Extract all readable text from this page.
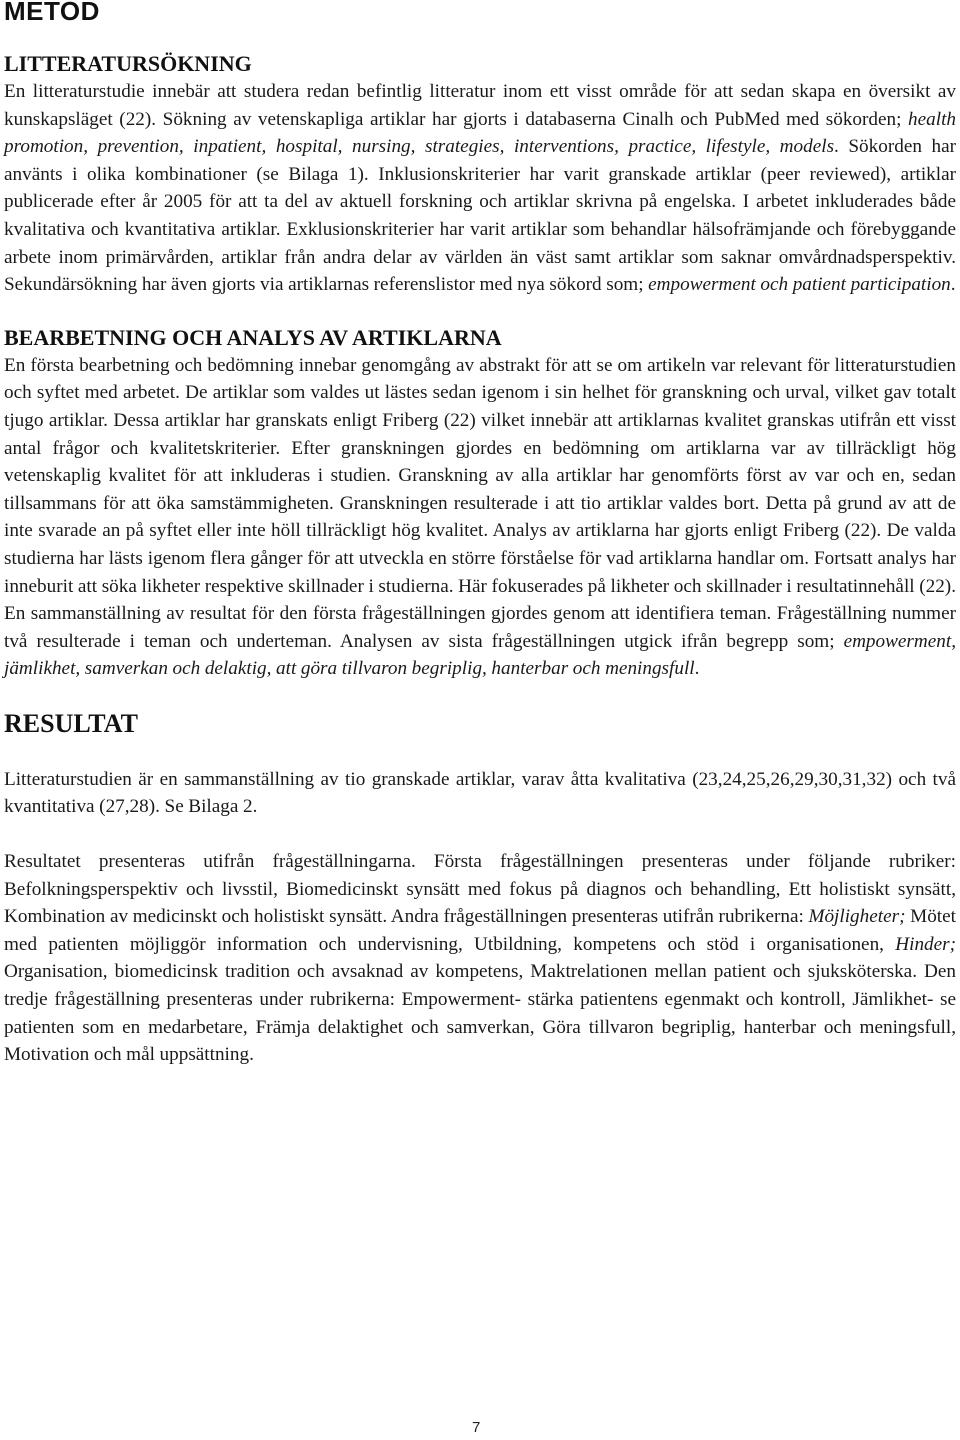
METOD
LITTERATURSÖKNING

En litteraturstudie innebär att studera redan befintlig litteratur inom ett visst område för att sedan skapa en översikt av kunskapsläget (22). Sökning av vetenskapliga artiklar har gjorts i databaserna Cinalh och PubMed med sökorden; health promotion, prevention, inpatient, hospital, nursing, strategies, interventions, practice, lifestyle, models. Sökorden har använts i olika kombinationer (se Bilaga 1). Inklusionskriterier har varit granskade artiklar (peer reviewed), artiklar publicerade efter år 2005 för att ta del av aktuell forskning och artiklar skrivna på engelska. I arbetet inkluderades både kvalitativa och kvantitativa artiklar. Exklusionskriterier har varit artiklar som behandlar hälsofrämjande och förebyggande arbete inom primärvården, artiklar från andra delar av världen än väst samt artiklar som saknar omvårdnadsperspektiv. Sekundärsökning har även gjorts via artiklarnas referenslistor med nya sökord som; empowerment och patient participation.

BEARBETNING OCH ANALYS AV ARTIKLARNA

En första bearbetning och bedömning innebar genomgång av abstrakt för att se om artikeln var relevant för litteraturstudien och syftet med arbetet. De artiklar som valdes ut lästes sedan igenom i sin helhet för granskning och urval, vilket gav totalt tjugo artiklar. Dessa artiklar har granskats enligt Friberg (22) vilket innebär att artiklarnas kvalitet granskas utifrån ett visst antal frågor och kvalitetskriterier. Efter granskningen gjordes en bedömning om artiklarna var av tillräckligt hög vetenskaplig kvalitet för att inkluderas i studien. Granskning av alla artiklar har genomförts först av var och en, sedan tillsammans för att öka samstämmigheten. Granskningen resulterade i att tio artiklar valdes bort. Detta på grund av att de inte svarade an på syftet eller inte höll tillräckligt hög kvalitet. Analys av artiklarna har gjorts enligt Friberg (22). De valda studierna har lästs igenom flera gånger för att utveckla en större förståelse för vad artiklarna handlar om. Fortsatt analys har inneburit att söka likheter respektive skillnader i studierna. Här fokuserades på likheter och skillnader i resultatinnehåll (22). En sammanställning av resultat för den första frågeställningen gjordes genom att identifiera teman. Frågeställning nummer två resulterade i teman och underteman. Analysen av sista frågeställningen utgick ifrån begrepp som; empowerment, jämlikhet, samverkan och delaktig, att göra tillvaron begriplig, hanterbar och meningsfull.

RESULTAT

Litteraturstudien är en sammanställning av tio granskade artiklar, varav åtta kvalitativa (23,24,25,26,29,30,31,32) och två kvantitativa (27,28). Se Bilaga 2.

Resultatet presenteras utifrån frågeställningarna. Första frågeställningen presenteras under följande rubriker: Befolkningsperspektiv och livsstil, Biomedicinskt synsätt med fokus på diagnos och behandling, Ett holistiskt synsätt, Kombination av medicinskt och holistiskt synsätt. Andra frågeställningen presenteras utifrån rubrikerna: Möjligheter; Mötet med patienten möjliggör information och undervisning, Utbildning, kompetens och stöd i organisationen, Hinder; Organisation, biomedicinsk tradition och avsaknad av kompetens, Maktrelationen mellan patient och sjuksköterska. Den tredje frågeställning presenteras under rubrikerna: Empowerment- stärka patientens egenmakt och kontroll, Jämlikhet- se patienten som en medarbetare, Främja delaktighet och samverkan, Göra tillvaron begriplig, hanterbar och meningsfull, Motivation och mål uppsättning.

7
